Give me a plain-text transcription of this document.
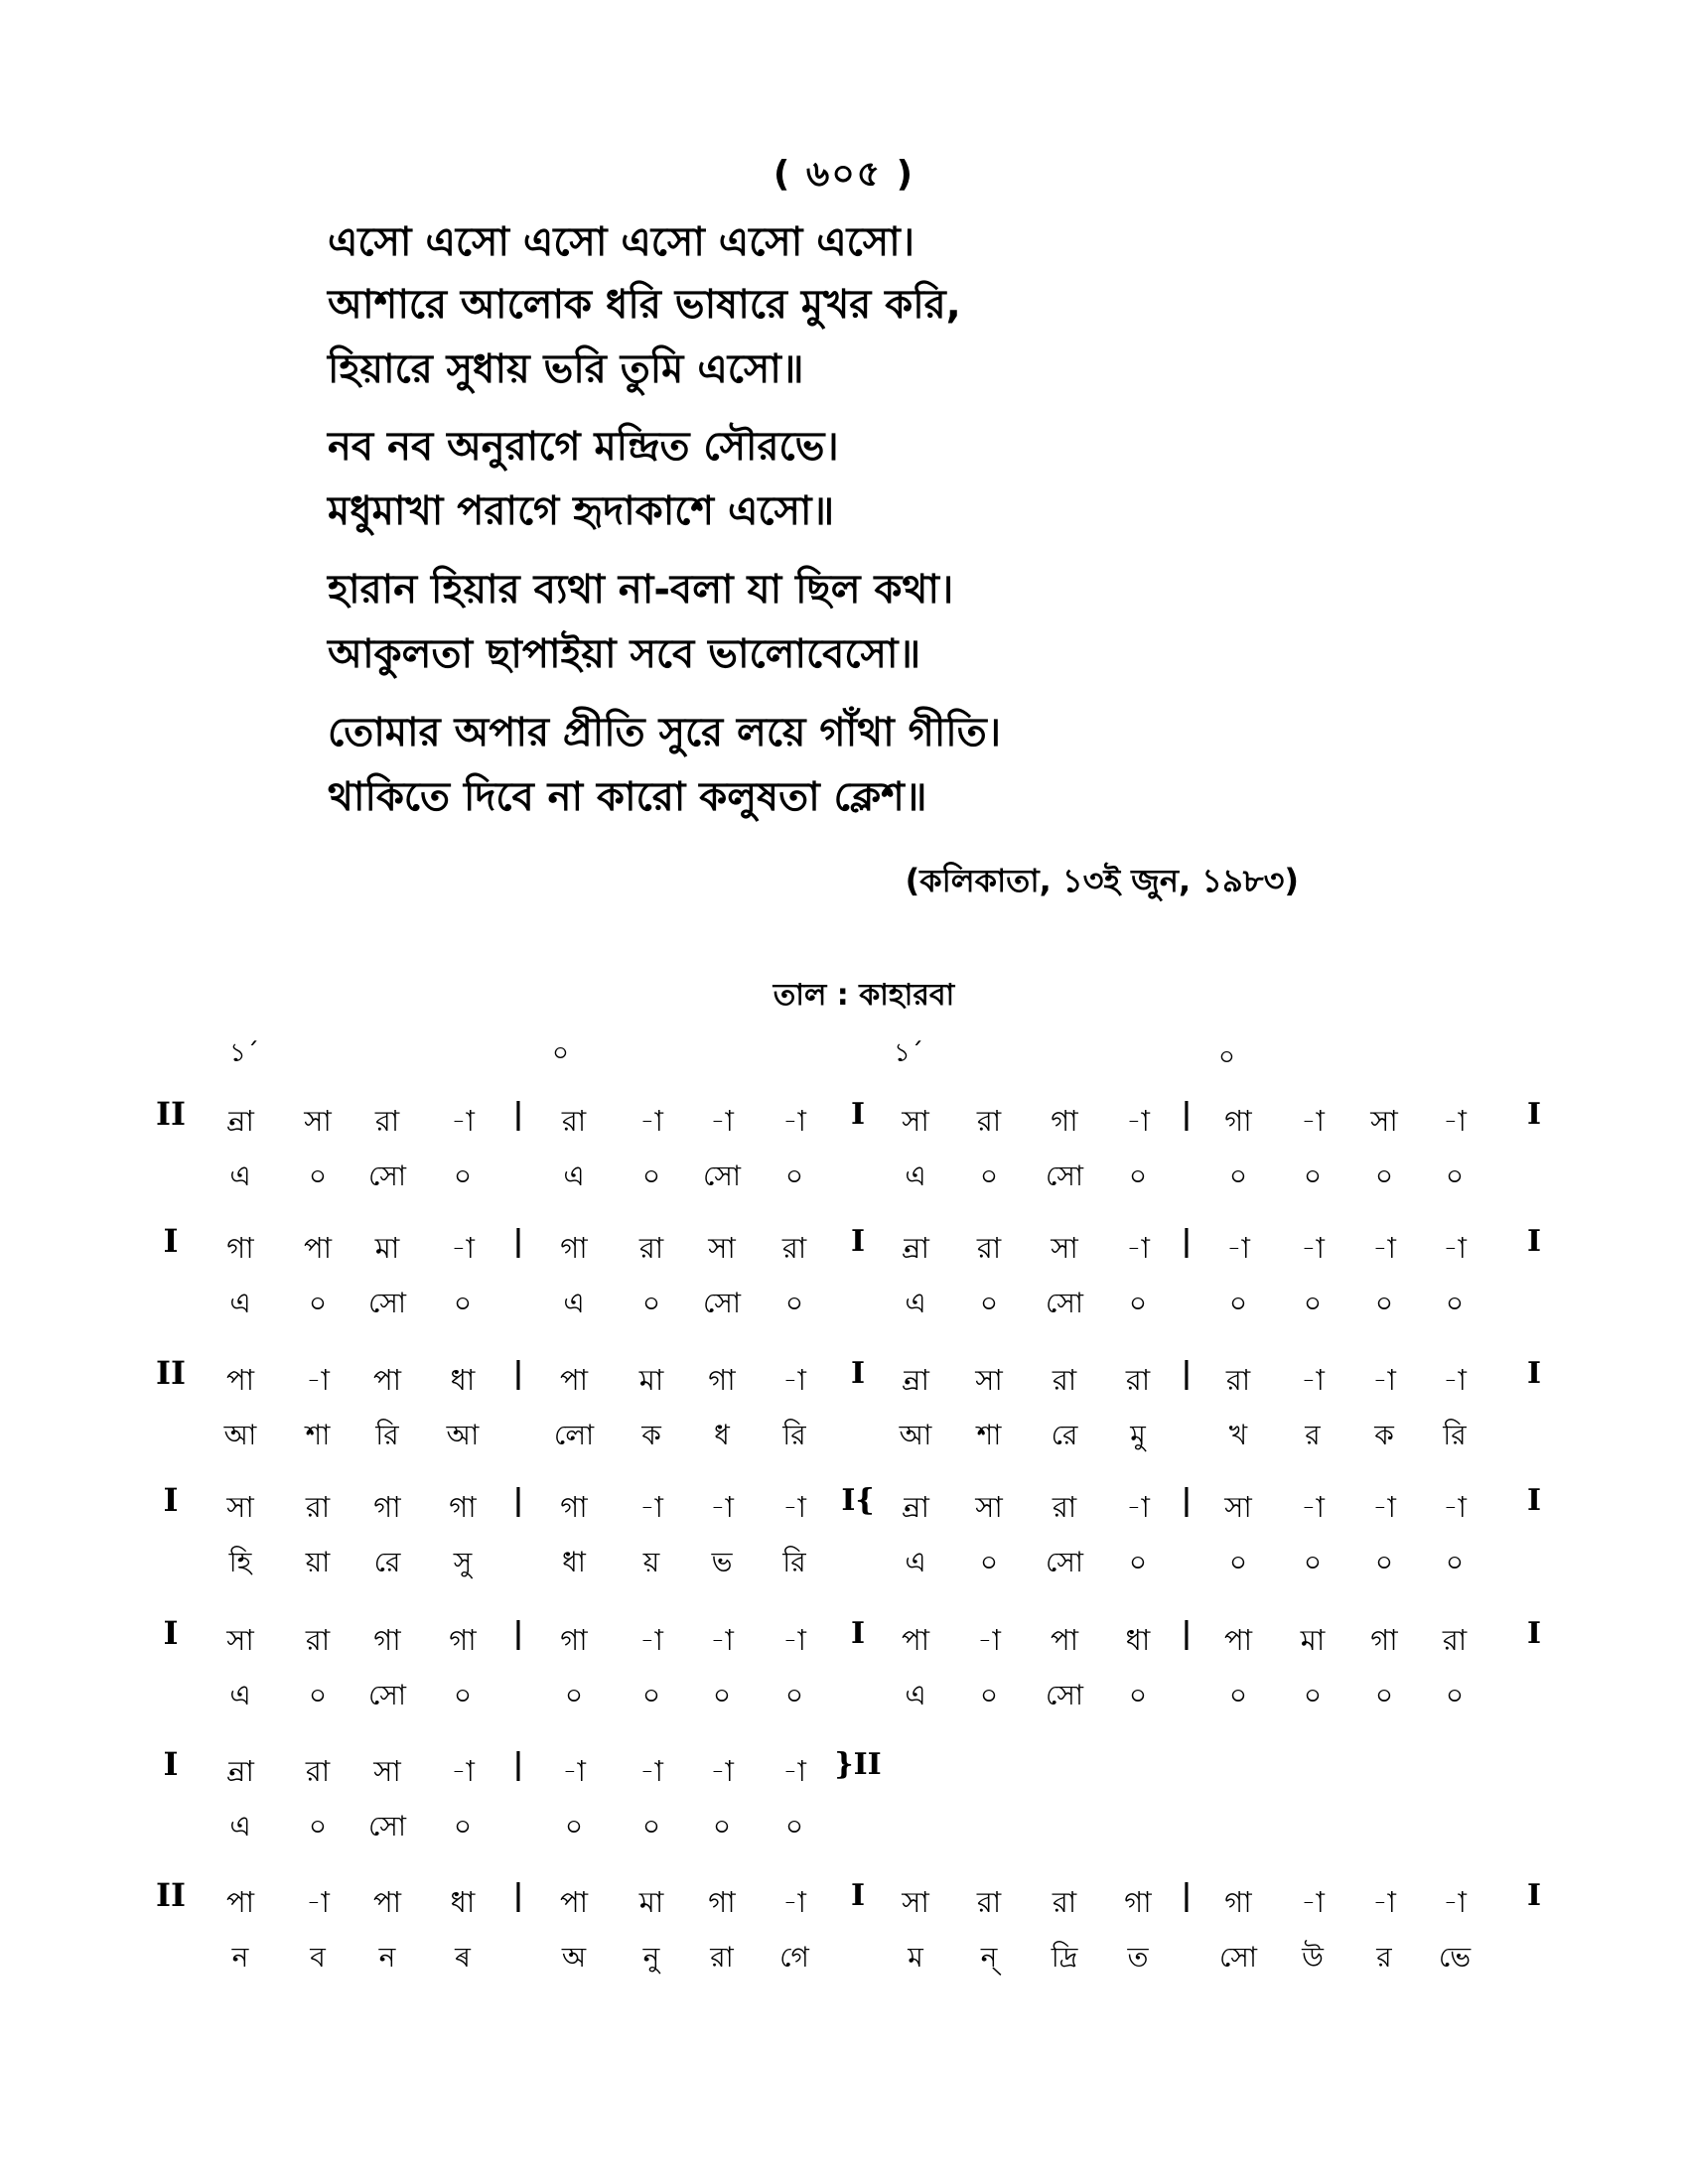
( ৬০৫ )
এসো এসো এসো এসো এসো এসো।
আশারে আলোক ধরি ভাষারে মুখর করি,
হিয়ারে সুধায় ভরি তুমি এসো॥
নব নব অনুরাগে মন্দ্রিত সৌরভে।
মধুমাখা পরাগে হৃদাকাশে এসো॥
হারান হিয়ার ব্যথা না-বলা যা ছিল কথা।
আকুলতা ছাপাইয়া সবে ভালোবেসো॥
তোমার অপার প্রীতি সুরে লয়ে গাঁথা গীতি।
থাকিতে দিবে না কারো কলুষতা ক্লেশ॥
(কলিকাতা, ১৩ই জুন, ১৯৮৩)
তাল : কাহারবা
১´	০	১´	০
II	|	I	|	I
ন্ৰা সা রা -া	রা -া -া -া	সা রা গা -া	গা -া সা -া
এ ০ সো ০	এ ০ সো ০	এ ০ সো ০	০ ০ ০ ০
I	|	I	|	I
গা পা মা -া	গা রা সা রা	ন্ৰা রা সা -া	-া -া -া -া
এ ০ সো ০	এ ০ সো ০	এ ০ সো ০	০ ০ ০ ০
II	|	I	|	I
পা -া পা ধা	পা মা গা -া	ন্ৰা সা রা রা	রা -া -া -া
আ শা রি আ	লো ক ধ রি	আ শা রে মু	খ র ক রি
I	|	I{	|	I
সা রা গা গা	গা -া -া -া	ন্ৰা সা রা -া	সা -া -া -া
হি য়া রে সু	ধা য় ভ রি	এ ০ সো ০	০ ০ ০ ০
I	|	I	|	I
সা রা গা গা	গা -া -া -া	পা -া পা ধা	পা মা গা রা
এ ০ সো ০	০ ০ ০ ০	এ ০ সো ০	০ ০ ০ ০
I	|	}II
ন্ৰা রা সা -া	-া -া -া -া
এ ০ সো ০	০ ০ ০ ০
II	|	I	|	I
পা -া পা ধা	পা মা গা -া	সা রা রা গা	গা -া -া -া
ন ব ন ৰ	অ নু রা গে	ম ন্ দ্রি ত	সো উ র ভে
